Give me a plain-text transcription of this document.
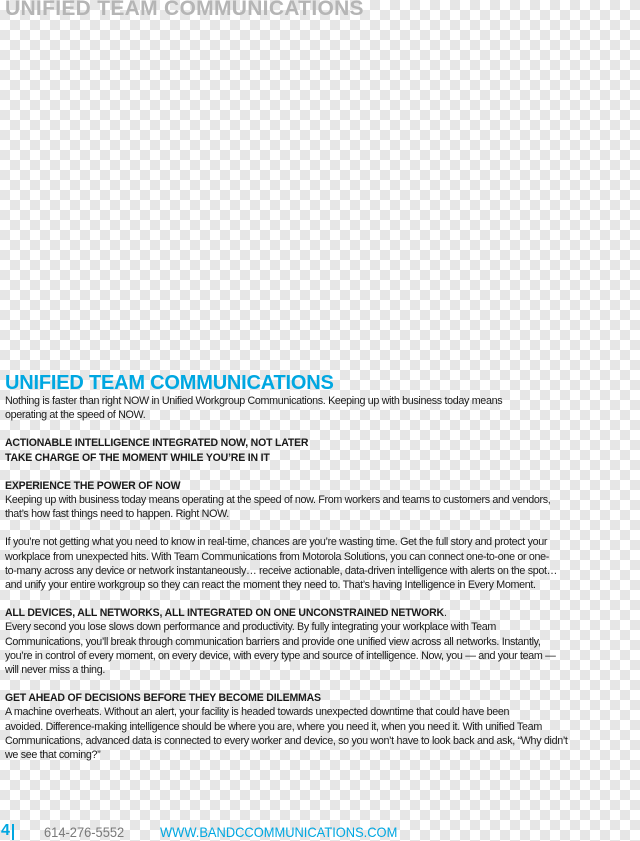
UNIFIED TEAM COMMUNICATIONS
UNIFIED TEAM COMMUNICATIONS

Nothing is faster than right NOW in Unified Workgroup Communications. Keeping up with business today means

operating at the speed of NOW.

ACTIONABLE INTELLIGENCE INTEGRATED NOW, NOT LATER

TAKE CHARGE OF THE MOMENT WHILE YOU’RE IN IT

EXPERIENCE THE POWER OF NOW

Keeping up with business today means operating at the speed of now. From workers and teams to customers and vendors,

that’s how fast things need to happen. Right NOW.

If you’re not getting what you need to know in real-time, chances are you’re wasting time. Get the full story and protect your

workplace from unexpected hits. With Team Communications from Motorola Solutions, you can connect one-to-one or one-

to-many across any device or network instantaneously… receive actionable, data-driven intelligence with alerts on the spot…

and unify your entire workgroup so they can react the moment they need to. That’s having Intelligence in Every Moment.

ALL DEVICES, ALL NETWORKS, ALL INTEGRATED ON ONE UNCONSTRAINED NETWORK.

Every second you lose slows down performance and productivity. By fully integrating your workplace with Team

Communications, you’ll break through communication barriers and provide one unified view across all networks. Instantly,

you’re in control of every moment, on every device, with every type and source of intelligence. Now, you — and your team —

will never miss a thing.

GET AHEAD OF DECISIONS BEFORE THEY BECOME DILEMMAS

A machine overheats. Without an alert, your facility is headed towards unexpected downtime that could have been

avoided. Difference-making intelligence should be where you are, where you need it, when you need it. With unified Team

Communications, advanced data is connected to every worker and device, so you won’t have to look back and ask, “Why didn’t

we see that coming?”

4 614-276-5552	WWW.BANDCCOMMUNICATIONS.COM
